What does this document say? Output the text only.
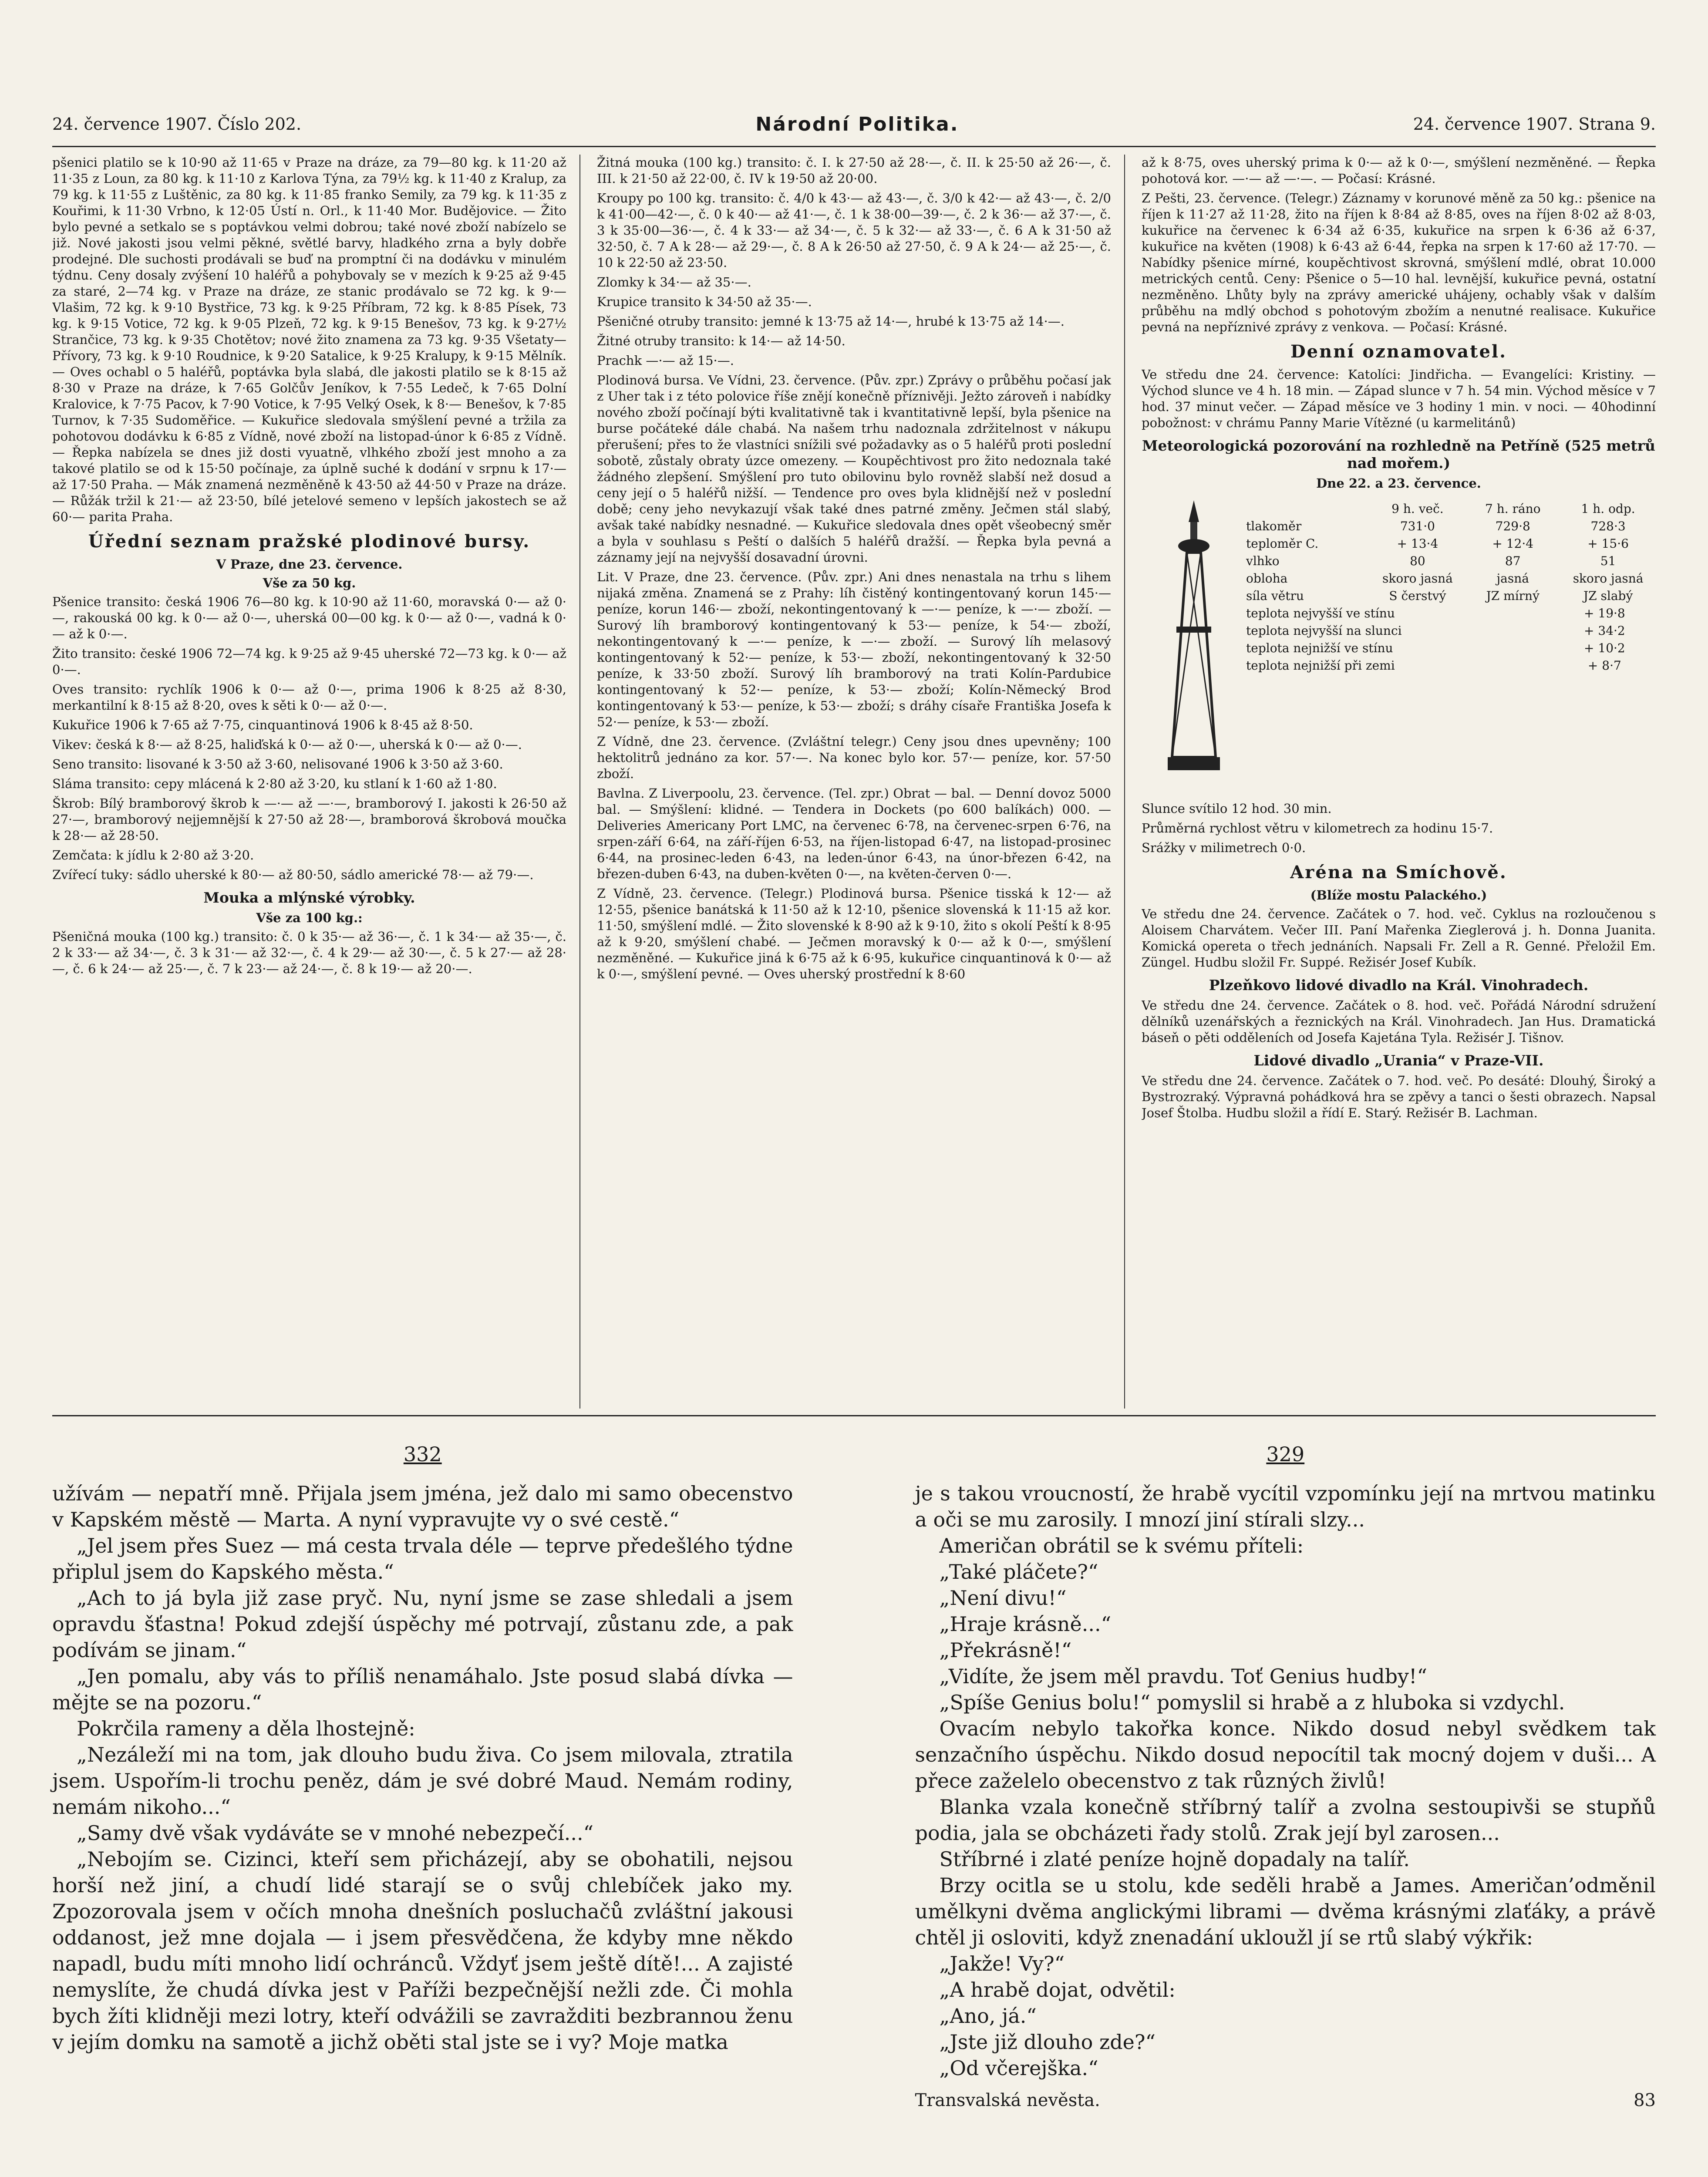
24. července 1907. Číslo 202.	Národní Politika.	24. července 1907. Strana 9.

pšenici platilo se k 10·90 až 11·65 v Praze na dráze, za 79—80 kg. k 11·20 až 11·35 z Loun, za 80 kg. k 11·10 z Karlova Týna, za 79½ kg. k 11·40 z Kralup, za 79 kg. k 11·55 z Luštěnic, za 80 kg. k 11·85 franko Semily, za 79 kg. k 11·35 z Kouřimi, k 11·30 Vrbno, k 12·05 Ústí n. Orl., k 11·40 Mor. Budějovice. — Žito bylo pevné a setkalo se s poptávkou velmi dobrou; také nové zboží nabízelo se již. Nové jakosti jsou velmi pěkné, světlé barvy, hladkého zrna a byly dobře prodejné. Dle suchosti prodávali se buď na promptní či na dodávku v minulém týdnu. Ceny dosaly zvýšení 10 haléřů a pohybovaly se v mezích k 9·25 až 9·45 za staré, 2—74 kg. v Praze na dráze, ze stanic prodávalo se 72 kg. k 9·— Vlašim, 72 kg. k 9·10 Bystřice, 73 kg. k 9·25 Příbram, 72 kg. k 8·85 Písek, 73 kg. k 9·15 Votice, 72 kg. k 9·05 Plzeň, 72 kg. k 9·15 Benešov, 73 kg. k 9·27½ Strančice, 73 kg. k 9·35 Chotětov; nové žito znamena za 73 kg. 9·35 Všetaty—Přívory, 73 kg. k 9·10 Roudnice, k 9·20 Satalice, k 9·25 Kralupy, k 9·15 Mělník. — Oves ochabl o 5 haléřů, poptávka byla slabá, dle jakosti platilo se k 8·15 až 8·30 v Praze na dráze, k 7·65 Golčův Jeníkov, k 7·55 Ledeč, k 7·65 Dolní Kralovice, k 7·75 Pacov, k 7·90 Votice, k 7·95 Velký Osek, k 8·— Benešov, k 7·85 Turnov, k 7·35 Sudoměřice. — Kukuřice sledovala smýšlení pevné a tržila za pohotovou dodávku k 6·85 z Vídně, nové zboží na listopad-únor k 6·85 z Vídně. — Řepka nabízela se dnes již dosti vyuatně, vlhkého zboží jest mnoho a za takové platilo se od k 15·50 počínaje, za úplně suché k dodání v srpnu k 17·— až 17·50 Praha. — Mák znamená nezměněně k 43·50 až 44·50 v Praze na dráze. — Růžák tržil k 21·— až 23·50, bílé jetelové semeno v lepších jakostech se až 60·— parita Praha.

Úřední seznam pražské plodinové bursy.
V Praze, dne 23. července.
Vše za 50 kg.

Pšenice transito: česká 1906 76—80 kg. k 10·90 až 11·60, moravská 0·— až 0·—, rakouská 00 kg. k 0·— až 0·—, uherská 00—00 kg. k 0·— až 0·—, vadná k 0·— až k 0·—.

Žito transito: české 1906 72—74 kg. k 9·25 až 9·45 uherské 72—73 kg. k 0·— až 0·—.

Oves transito: rychlík 1906 k 0·— až 0·—, prima 1906 k 8·25 až 8·30, merkantilní k 8·15 až 8·20, oves k sěti k 0·— až 0·—.

Kukuřice 1906 k 7·65 až 7·75, cinquantinová 1906 k 8·45 až 8·50.

Vikev: česká k 8·— až 8·25, haliďská k 0·— až 0·—, uherská k 0·— až 0·—.

Seno transito: lisované k 3·50 až 3·60, nelisované 1906 k 3·50 až 3·60.

Sláma transito: cepy mlácená k 2·80 až 3·20, ku stlaní k 1·60 až 1·80.

Škrob: Bílý bramborový škrob k —·— až —·—, bramborový I. jakosti k 26·50 až 27·—, bramborový nejjemnější k 27·50 až 28·—, bramborová škrobová moučka k 28·— až 28·50.

Zemčata: k jídlu k 2·80 až 3·20.

Zvířecí tuky: sádlo uherské k 80·— až 80·50, sádlo americké 78·— až 79·—.

Mouka a mlýnské výrobky.
Vše za 100 kg.:

Pšeničná mouka (100 kg.) transito: č. 0 k 35·— až 36·—, č. 1 k 34·— až 35·—, č. 2 k 33·— až 34·—, č. 3 k 31·— až 32·—, č. 4 k 29·— až 30·—, č. 5 k 27·— až 28·—, č. 6 k 24·— až 25·—, č. 7 k 23·— až 24·—, č. 8 k 19·— až 20·—.

Žitná mouka (100 kg.) transito: č. I. k 27·50 až 28·—, č. II. k 25·50 až 26·—, č. III. k 21·50 až 22·00, č. IV k 19·50 až 20·00.

Kroupy po 100 kg. transito: č. 4/0 k 43·— až 43·—, č. 3/0 k 42·— až 43·—, č. 2/0 k 41·00—42·—, č. 0 k 40·— až 41·—, č. 1 k 38·00—39·—, č. 2 k 36·— až 37·—, č. 3 k 35·00—36·—, č. 4 k 33·— až 34·—, č. 5 k 32·— až 33·—, č. 6 A k 31·50 až 32·50, č. 7 A k 28·— až 29·—, č. 8 A k 26·50 až 27·50, č. 9 A k 24·— až 25·—, č. 10 k 22·50 až 23·50.

Zlomky k 34·— až 35·—.

Krupice transito k 34·50 až 35·—.

Pšeničné otruby transito: jemné k 13·75 až 14·—, hrubé k 13·75 až 14·—.

Žitné otruby transito: k 14·— až 14·50.

Prachk —·— až 15·—.

Plodinová bursa. Ve Vídni, 23. července. (Pův. zpr.) Zprávy o průběhu počasí jak z Uher tak i z této polovice říše znějí konečně příznivěji. Ježto zároveň i nabídky nového zboží počínají býti kvalitativně tak i kvantitativně lepší, byla pšenice na burse počáteké dále chabá. Na našem trhu nadoznala zdržitelnost v nákupu přerušení; přes to že vlastníci snížili své požadavky as o 5 haléřů proti poslední sobotě, zůstaly obraty úzce omezeny. — Koupěchtivost pro žito nedoznala také žádného zlepšení. Smýšlení pro tuto obilovinu bylo rovněž slabší než dosud a ceny její o 5 haléřů nižší. — Tendence pro oves byla klidnější než v poslední době; ceny jeho nevykazují však také dnes patrné změny. Ječmen stál slabý, avšak také nabídky nesnadné. — Kukuřice sledovala dnes opět všeobecný směr a byla v souhlasu s Peští o dalších 5 haléřů dražší. — Řepka byla pevná a záznamy její na nejvyšší dosavadní úrovni.

Lit. V Praze, dne 23. července. (Pův. zpr.) Ani dnes nenastala na trhu s lihem nijaká změna. Znamená se z Prahy: líh čistěný kontingentovaný korun 145·— peníze, korun 146·— zboží, nekontingentovaný k —·— peníze, k —·— zboží. — Surový líh bramborový kontingentovaný k 53·— peníze, k 54·— zboží, nekontingentovaný k —·— peníze, k —·— zboží. — Surový líh melasový kontingentovaný k 52·— peníze, k 53·— zboží, nekontingentovaný k 32·50 peníze, k 33·50 zboží. Surový líh bramborový na trati Kolín-Pardubice kontingentovaný k 52·— peníze, k 53·— zboží; Kolín-Německý Brod kontingentovaný k 53·— peníze, k 53·— zboží; s dráhy císaře Františka Josefa k 52·— peníze, k 53·— zboží.

Z Vídně, dne 23. července. (Zvláštní telegr.) Ceny jsou dnes upevněny; 100 hektolitrů jednáno za kor. 57·—. Na konec bylo kor. 57·— peníze, kor. 57·50 zboží.

Bavlna. Z Liverpoolu, 23. července. (Tel. zpr.) Obrat — bal. — Denní dovoz 5000 bal. — Smýšlení: klidné. — Tendera in Dockets (po 600 balíkách) 000. — Deliveries Americany Port LMC, na červenec 6·78, na červenec-srpen 6·76, na srpen-září 6·64, na září-říjen 6·53, na říjen-listopad 6·47, na listopad-prosinec 6·44, na prosinec-leden 6·43, na leden-únor 6·43, na únor-březen 6·42, na březen-duben 6·43, na duben-květen 0·—, na květen-červen 0·—.

Z Vídně, 23. července. (Telegr.) Plodinová bursa. Pšenice tisská k 12·— až 12·55, pšenice banátská k 11·50 až k 12·10, pšenice slovenská k 11·15 až kor. 11·50, smýšlení mdlé. — Žito slovenské k 8·90 až k 9·10, žito s okolí Peští k 8·95 až k 9·20, smýšlení chabé. — Ječmen moravský k 0·— až k 0·—, smýšlení nezměněné. — Kukuřice jiná k 6·75 až k 6·95, kukuřice cinquantinová k 0·— až k 0·—, smýšlení pevné. — Oves uherský prostřední k 8·60

až k 8·75, oves uherský prima k 0·— až k 0·—, smýšlení nezměněné. — Řepka pohotová kor. —·— až —·—. — Počasí: Krásné.

Z Pešti, 23. července. (Telegr.) Záznamy v korunové měně za 50 kg.: pšenice na říjen k 11·27 až 11·28, žito na říjen k 8·84 až 8·85, oves na říjen 8·02 až 8·03, kukuřice na červenec k 6·34 až 6·35, kukuřice na srpen k 6·36 až 6·37, kukuřice na květen (1908) k 6·43 až 6·44, řepka na srpen k 17·60 až 17·70. — Nabídky pšenice mírné, koupěchtivost skrovná, smýšlení mdlé, obrat 10.000 metrických centů. Ceny: Pšenice o 5—10 hal. levnější, kukuřice pevná, ostatní nezměněno. Lhůty byly na zprávy americké uhájeny, ochably však v dalším průběhu na mdlý obchod s pohotovým zbožím a nenutné realisace. Kukuřice pevná na nepříznivé zprávy z venkova. — Počasí: Krásné.

Denní oznamovatel.

Ve středu dne 24. července: Katolíci: Jindřicha. — Evangelíci: Kristiny. — Východ slunce ve 4 h. 18 min. — Západ slunce v 7 h. 54 min. Východ měsíce v 7 hod. 37 minut večer. — Západ měsíce ve 3 hodiny 1 min. v noci. — 40hodinní pobožnost: v chrámu Panny Marie Vítězné (u karmelitánů)

Meteorologická pozorování na rozhledně na Petříně (525 metrů nad mořem.)
Dne 22. a 23. července.
9 h. več.	7 h. ráno	1 h. odp.
tlakoměr	731·0	729·8	728·3
teploměr C.	+ 13·4	+ 12·4	+ 15·6
vlhko	80	87	51
obloha	skoro jasná	jasná	skoro jasná
síla větru	S čerstvý	JZ mírný	JZ slabý
teplota nejvyšší ve stínu	+ 19·8
teplota nejvyšší na slunci	+ 34·2
teplota nejnižší ve stínu	+ 10·2
teplota nejnižší při zemi	+ 8·7

Slunce svítilo 12 hod. 30 min.

Průměrná rychlost větru v kilometrech za hodinu 15·7.

Srážky v milimetrech 0·0.

Aréna na Smíchově.
(Blíže mostu Palackého.)

Ve středu dne 24. července. Začátek o 7. hod. več. Cyklus na rozloučenou s Aloisem Charvátem. Večer III. Paní Mařenka Zieglerová j. h. Donna Juanita. Komická opereta o třech jednáních. Napsali Fr. Zell a R. Genné. Přeložil Em. Züngel. Hudbu složil Fr. Suppé. Režisér Josef Kubík.

Plzeňkovo lidové divadlo na Král. Vinohradech.

Ve středu dne 24. července. Začátek o 8. hod. več. Pořádá Národní sdružení dělníků uzenářských a řeznických na Král. Vinohradech. Jan Hus. Dramatická báseň o pěti odděleních od Josefa Kajetána Tyla. Režisér J. Tišnov.

Lidové divadlo „Urania“ v Praze-VII.

Ve středu dne 24. července. Začátek o 7. hod. več. Po desáté: Dlouhý, Široký a Bystrozraký. Výpravná pohádková hra se zpěvy a tanci o šesti obrazech. Napsal Josef Štolba. Hudbu složil a řídí E. Starý. Režisér B. Lachman.

332

užívám — nepatří mně. Přijala jsem jména, jež dalo mi samo obecenstvo v Kapském městě — Marta. A nyní vypravujte vy o své cestě.“

„Jel jsem přes Suez — má cesta trvala déle — teprve předešlého týdne připlul jsem do Kapského města.“

„Ach to já byla již zase pryč. Nu, nyní jsme se zase shledali a jsem opravdu šťastna! Pokud zdejší úspěchy mé potrvají, zůstanu zde, a pak podívám se jinam.“

„Jen pomalu, aby vás to příliš nenamáhalo. Jste posud slabá dívka — mějte se na pozoru.“

Pokrčila rameny a děla lhostejně:

„Nezáleží mi na tom, jak dlouho budu živa. Co jsem milovala, ztratila jsem. Uspořím-li trochu peněz, dám je své dobré Maud. Nemám rodiny, nemám nikoho...“

„Samy dvě však vydáváte se v mnohé nebezpečí...“

„Nebojím se. Cizinci, kteří sem přicházejí, aby se obohatili, nejsou horší než jiní, a chudí lidé starají se o svůj chlebíček jako my. Zpozorovala jsem v očích mnoha dnešních posluchačů zvláštní jakousi oddanost, jež mne dojala — i jsem přesvědčena, že kdyby mne někdo napadl, budu míti mnoho lidí ochránců. Vždyť jsem ještě dítě!... A zajisté nemyslíte, že chudá dívka jest v Paříži bezpečnější nežli zde. Či mohla bych žíti klidněji mezi lotry, kteří odvážili se zavražditi bezbrannou ženu v jejím domku na samotě a jichž oběti stal jste se i vy? Moje matka

329

je s takou vroucností, že hrabě vycítil vzpomínku její na mrtvou matinku a oči se mu zarosily. I mnozí jiní stírali slzy...

Američan obrátil se k svému příteli:

„Také pláčete?“

„Není divu!“

„Hraje krásně...“

„Překrásně!“

„Vidíte, že jsem měl pravdu. Toť Genius hudby!“

„Spíše Genius bolu!“ pomyslil si hrabě a z hluboka si vzdychl.

Ovacím nebylo takořka konce. Nikdo dosud nebyl svědkem tak senzačního úspěchu. Nikdo dosud nepocítil tak mocný dojem v duši... A přece zaželelo obecenstvo z tak různých živlů!

Blanka vzala konečně stříbrný talíř a zvolna sestoupivši se stupňů podia, jala se obcházeti řady stolů. Zrak její byl zarosen...

Stříbrné i zlaté peníze hojně dopadaly na talíř.

Brzy ocitla se u stolu, kde seděli hrabě a James. Američan’odměnil umělkyni dvěma anglickými librami — dvěma krásnými zlaťáky, a právě chtěl ji osloviti, když znenadání ukloužl jí se rtů slabý výkřik:

„Jakže! Vy?“

„A hrabě dojat, odvětil:

„Ano, já.“

„Jste již dlouho zde?“

„Od včerejška.“

Transvalská nevěsta.	83
